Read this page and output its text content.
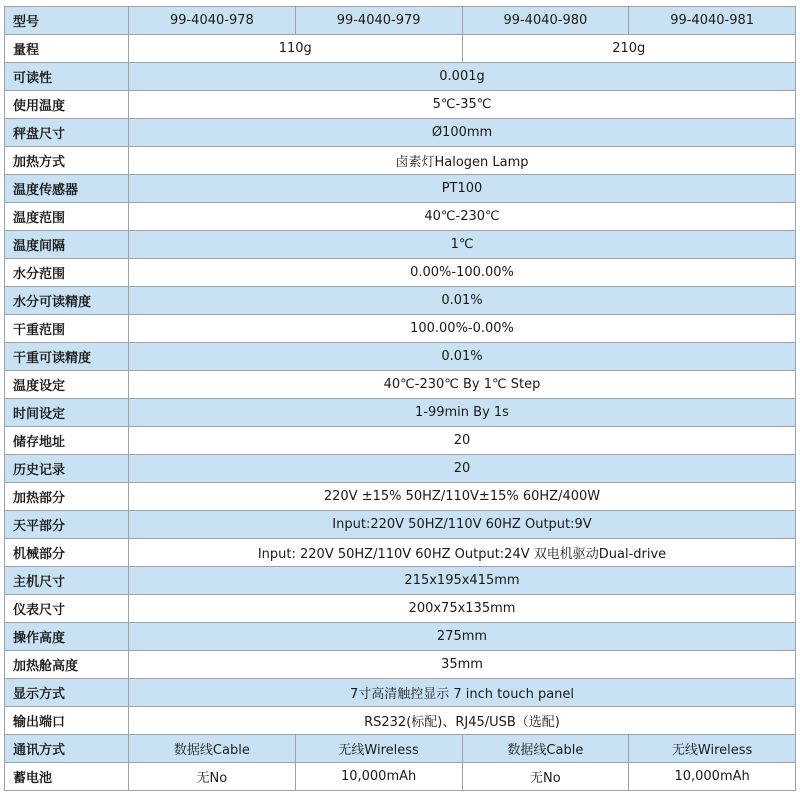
型号	99-4040-978	99-4040-979	99-4040-980	99-4040-981
量程	110g		210g	
可读性	0.001g			
使用温度	5℃-35℃			
秤盘尺寸	Ø100mm			
加热方式	卤素灯Halogen Lamp			
温度传感器	PT100			
温度范围	40℃-230℃			
温度间隔	1℃			
水分范围	0.00%-100.00%			
水分可读精度	0.01%			
干重范围	100.00%-0.00%			
干重可读精度	0.01%			
温度设定	40℃-230℃ By 1℃ Step			
时间设定	1-99min By 1s			
储存地址	20			
历史记录	20			
加热部分	220V ±15% 50HZ/110V±15% 60HZ/400W			
天平部分	Input:220V 50HZ/110V 60HZ Output:9V			
机械部分	Input: 220V 50HZ/110V 60HZ Output:24V 双电机驱动Dual-drive			
主机尺寸	215x195x415mm			
仪表尺寸	200x75x135mm			
操作高度	275mm			
加热舱高度	35mm			
显示方式	7寸高清触控显示 7 inch touch panel			
输出端口	RS232(标配)、RJ45/USB（选配)			
通讯方式	数据线Cable	无线Wireless	数据线Cable	无线Wireless
蓄电池	无No	10,000mAh	无No	10,000mAh
